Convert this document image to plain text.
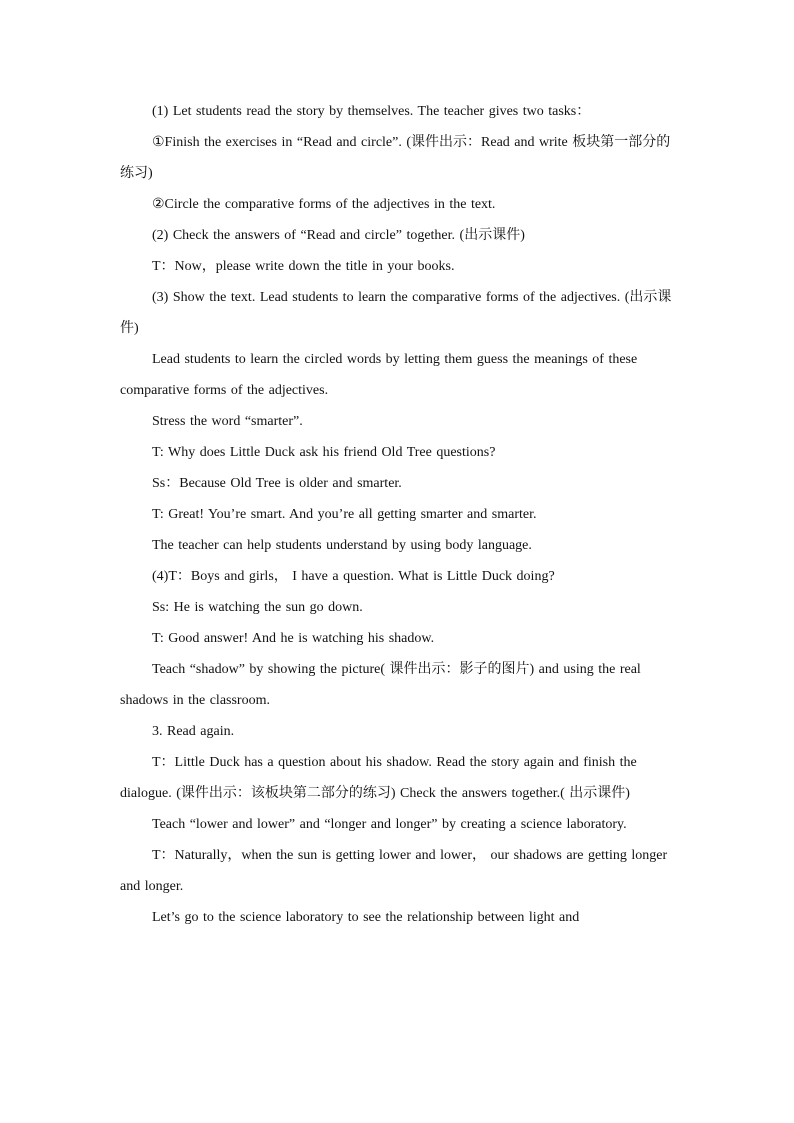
(1) Let students read the story by themselves. The teacher gives two tasks：

①Finish the exercises in “Read and circle”. (课件出示：Read and write 板块第一部分的练习)

②Circle the comparative forms of the adjectives in the text.

(2) Check the answers of “Read and circle” together. (出示课件)

T：Now，please write down the title in your books.

(3) Show the text. Lead students to learn the comparative forms of the adjectives. (出示课件)

Lead students to learn the circled words by letting them guess the meanings of these comparative forms of the adjectives.

Stress the word “smarter”.

T: Why does Little Duck ask his friend Old Tree questions?

Ss：Because Old Tree is older and smarter.

T: Great! You’re smart. And you’re all getting smarter and smarter.

The teacher can help students understand by using body language.

(4)T：Boys and girls， I have a question. What is Little Duck doing?

Ss: He is watching the sun go down.

T: Good answer! And he is watching his shadow.

Teach “shadow” by showing the picture( 课件出示：影子的图片) and using the real shadows in the classroom.

3. Read again.

T：Little Duck has a question about his shadow. Read the story again and finish the dialogue. (课件出示：该板块第二部分的练习) Check the answers together.( 出示课件)

Teach “lower and lower” and “longer and longer” by creating a science laboratory.

T：Naturally，when the sun is getting lower and lower， our shadows are getting longer and longer.

Let’s go to the science laboratory to see the relationship between light and
